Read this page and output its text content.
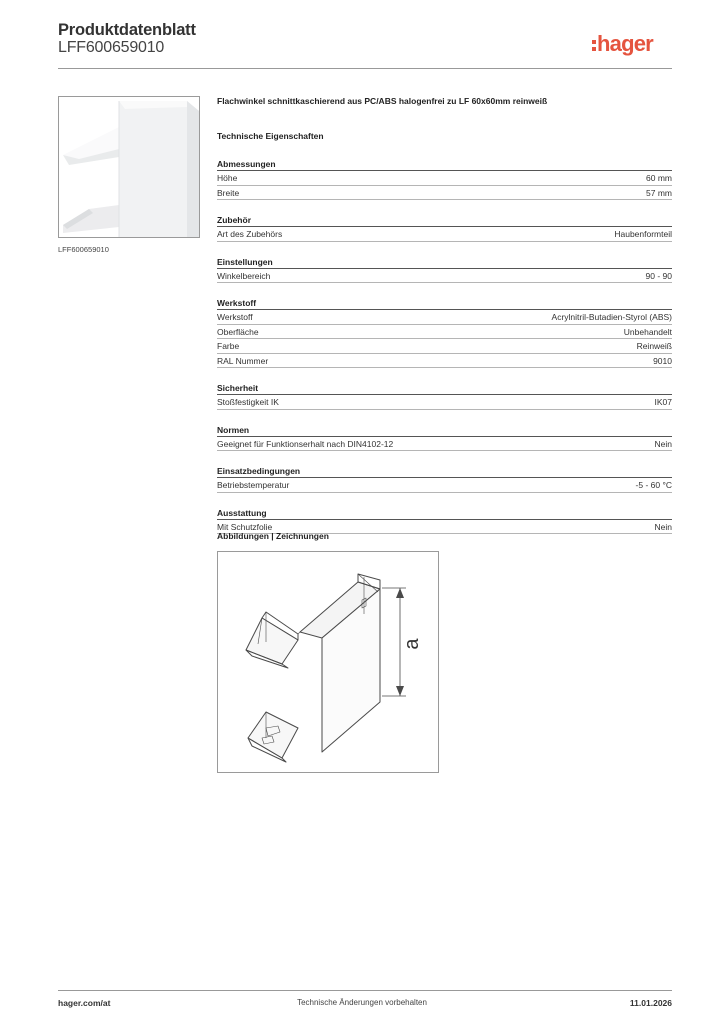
Produktdatenblatt
LFF600659010	hager
LFF600659010
Flachwinkel schnittkaschierend aus PC/ABS halogenfrei zu LF 60x60mm reinweiß
Technische Eigenschaften
Abmessungen
Höhe	60 mm
Breite	57 mm
Zubehör
Art des Zubehörs	Haubenformteil
Einstellungen
Winkelbereich	90 - 90
Werkstoff
Werkstoff	Acrylnitril-Butadien-Styrol (ABS)
Oberfläche	Unbehandelt
Farbe	Reinweiß
RAL Nummer	9010
Sicherheit
Stoßfestigkeit IK	IK07
Normen
Geeignet für Funktionserhalt nach DIN4102-12	Nein
Einsatzbedingungen
Betriebstemperatur	-5 - 60 °C
Ausstattung
Mit Schutzfolie	Nein
Abbildungen | Zeichnungen
a
hager.com/at	Technische Änderungen vorbehalten	11.01.2026
